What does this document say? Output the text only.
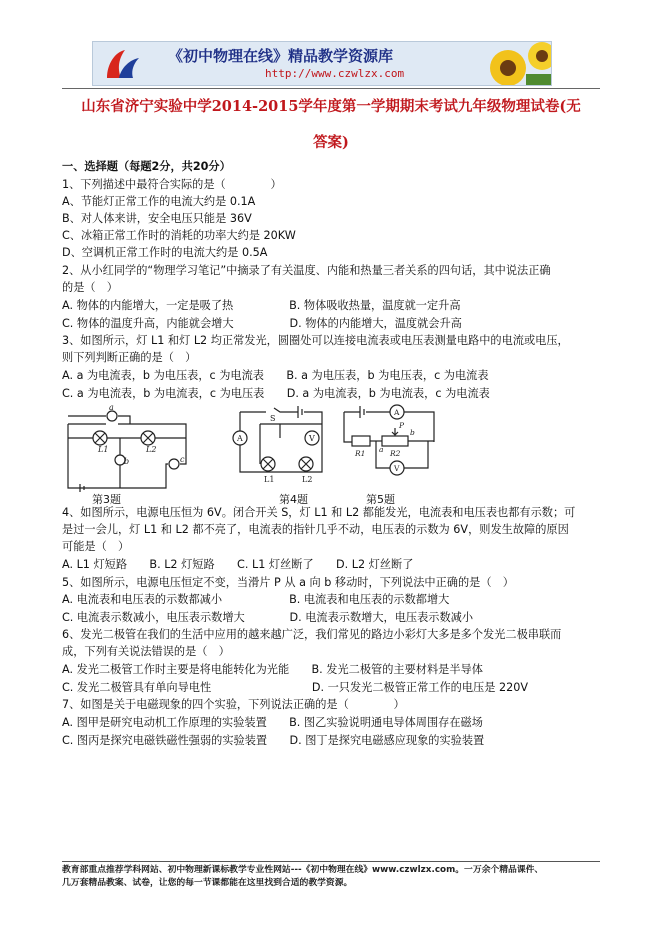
《初中物理在线》精品教学资源库
http://www.czwlzx.com
山东省济宁实验中学2014-2015学年度第一学期期末考试九年级物理试卷(无
答案)
一、选择题（每题2分，共20分）
1、下列描述中最符合实际的是（　　　　）
A、节能灯正常工作的电流大约是 0.1A
B、对人体来讲，安全电压只能是 36V
C、冰箱正常工作时的消耗的功率大约是 20KW
D、空调机正常工作时的电流大约是 0.5A
2、从小红同学的“物理学习笔记”中摘录了有关温度、内能和热量三者关系的四句话，其中说法正确
的是（　）
A. 物体的内能增大，一定是吸了热　　　　　B. 物体吸收热量，温度就一定升高
C. 物体的温度升高，内能就会增大　　　　　D. 物体的内能增大，温度就会升高
3、如图所示，灯 L1 和灯 L2 均正常发光，圆圈处可以连接电流表或电压表测量电路中的电流或电压，
则下列判断正确的是（　）
A. a 为电流表，b 为电压表，c 为电流表　　B. a 为电压表，b 为电压表，c 为电流表
C. a 为电流表，b 为电流表，c 为电压表　　D. a 为电流表，b 为电流表，c 为电流表
a
L1	L2
b	c
S
A	V
L1	L2
A
R1 a
P
b
R2
V
第3题	第4题	第5题
4、如图所示，电源电压恒为 6V。闭合开关 S，灯 L1 和 L2 都能发光，电流表和电压表也都有示数；可
是过一会儿，灯 L1 和 L2 都不亮了，电流表的指针几乎不动，电压表的示数为 6V，则发生故障的原因
可能是（　）
A. L1 灯短路　　B. L2 灯短路　　C. L1 灯丝断了　　D. L2 灯丝断了
5、如图所示，电源电压恒定不变，当滑片 P 从 a 向 b 移动时，下列说法中正确的是（　）
A. 电流表和电压表的示数都减小　　　　　　B. 电流表和电压表的示数都增大
C. 电流表示数减小，电压表示数增大　　　　D. 电流表示数增大，电压表示数减小
6、发光二极管在我们的生活中应用的越来越广泛，我们常见的路边小彩灯大多是多个发光二极串联而
成，下列有关说法错误的是（　）
A. 发光二极管工作时主要是将电能转化为光能　　B. 发光二极管的主要材料是半导体
C. 发光二极管具有单向导电性　　　　　　　　　D. 一只发光二极管正常工作的电压是 220V
7、如图是关于电磁现象的四个实验，下列说法正确的是（　　　　）
A. 图甲是研究电动机工作原理的实验装置　　B. 图乙实验说明通电导体周围存在磁场
C. 图丙是探究电磁铁磁性强弱的实验装置　　D. 图丁是探究电磁感应现象的实验装置
教育部重点推荐学科网站、初中物理新课标教学专业性网站---《初中物理在线》www.czwlzx.com。一万余个精品课件、
几万套精品教案、试卷，让您的每一节课都能在这里找到合适的教学资源。
